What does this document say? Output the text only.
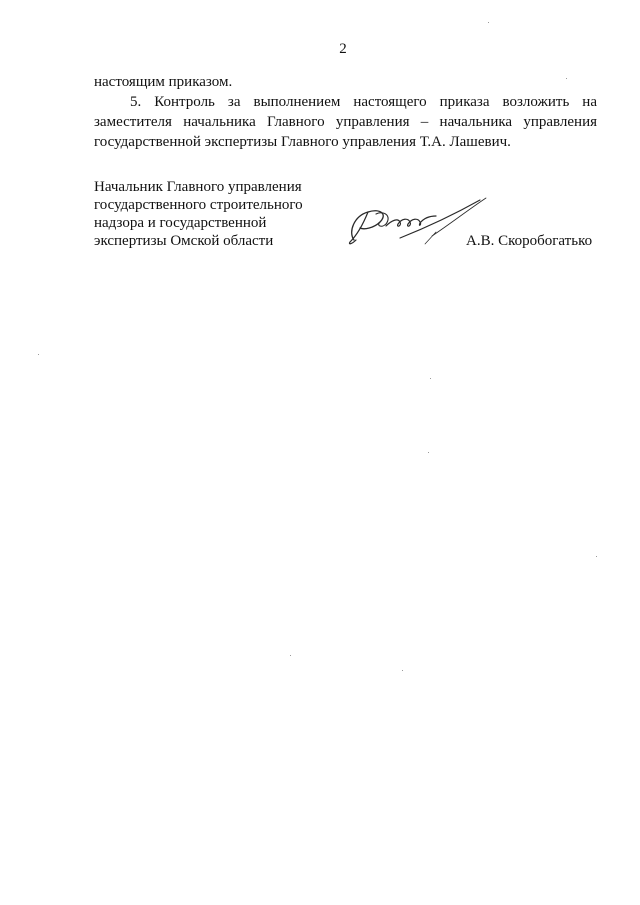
2
настоящим приказом.
5. Контроль за выполнением настоящего приказа возложить на
заместителя начальника Главного управления – начальника управления
государственной экспертизы Главного управления Т.А. Лашевич.
Начальник Главного управления
государственного строительного
надзора и государственной
экспертизы Омской области	А.В. Скоробогатько
